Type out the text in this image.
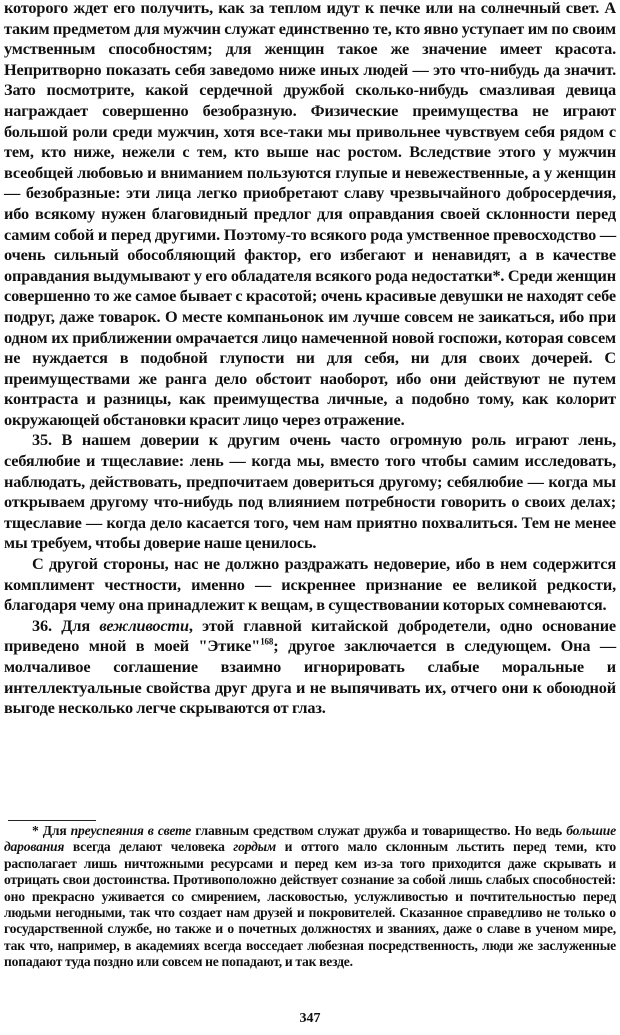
которого ждет его получить, как за теплом идут к печке или на солнечный свет. А таким предметом для мужчин служат единственно те, кто явно уступает им по своим умственным способностям; для женщин такое же значение имеет красота. Непритворно показать себя заведомо ниже иных людей — это что-нибудь да значит. Зато посмотрите, какой сердечной дружбой сколько-нибудь смазливая девица награждает совершенно безобразную. Физические преимущества не играют большой роли среди мужчин, хотя все-таки мы привольнее чувствуем себя рядом с тем, кто ниже, нежели с тем, кто выше нас ростом. Вследствие этого у мужчин всеобщей любовью и вниманием пользуются глупые и невежественные, а у женщин — безобразные: эти лица легко приобретают славу чрезвычайного добросердечия, ибо всякому нужен благовидный предлог для оправдания своей склонности перед самим собой и перед другими. Поэтому-то всякого рода умственное превосходство — очень сильный обособляющий фактор, его избегают и ненавидят, а в качестве оправдания выдумывают у его обладателя всякого рода недостатки*. Среди женщин совершенно то же самое бывает с красотой; очень красивые девушки не находят себе подруг, даже товарок. О месте компаньонок им лучше совсем не заикаться, ибо при одном их приближении омрачается лицо намеченной новой госпожи, которая совсем не нуждается в подобной глупости ни для себя, ни для своих дочерей. С преимуществами же ранга дело обстоит наоборот, ибо они действуют не путем контраста и разницы, как преимущества личные, а подобно тому, как колорит окружающей обстановки красит лицо через отражение.

35. В нашем доверии к другим очень часто огромную роль играют лень, себялюбие и тщеславие: лень — когда мы, вместо того чтобы самим исследовать, наблюдать, действовать, предпочитаем довериться другому; себялюбие — когда мы открываем другому что-нибудь под влиянием потребности говорить о своих делах; тщеславие — когда дело касается того, чем нам приятно похвалиться. Тем не менее мы требуем, чтобы доверие наше ценилось.

С другой стороны, нас не должно раздражать недоверие, ибо в нем содержится комплимент честности, именно — искреннее признание ее великой редкости, благодаря чему она принадлежит к вещам, в существовании которых сомневаются.

36. Для вежливости, этой главной китайской добродетели, одно основание приведено мной в моей "Этике"$^{168}$; другое заключается в следующем. Она — молчаливое соглашение взаимно игнорировать слабые моральные и интеллектуальные свойства друг друга и не выпячивать их, отчего они к обоюдной выгоде несколько легче скрываются от глаз.

* Для преуспеяния в свете главным средством служат дружба и товарищество. Но ведь большие дарования всегда делают человека гордым и оттого мало склонным льстить перед теми, кто располагает лишь ничтожными ресурсами и перед кем из-за того приходится даже скрывать и отрицать свои достоинства. Противоположно действует сознание за собой лишь слабых способностей: оно прекрасно уживается со смирением, ласковостью, услужливостью и почтительностью перед людьми негодными, так что создает нам друзей и покровителей. Сказанное справедливо не только о государственной службе, но также и о почетных должностях и званиях, даже о славе в ученом мире, так что, например, в академиях всегда восседает любезная посредственность, люди же заслуженные попадают туда поздно или совсем не попадают, и так везде.

347
